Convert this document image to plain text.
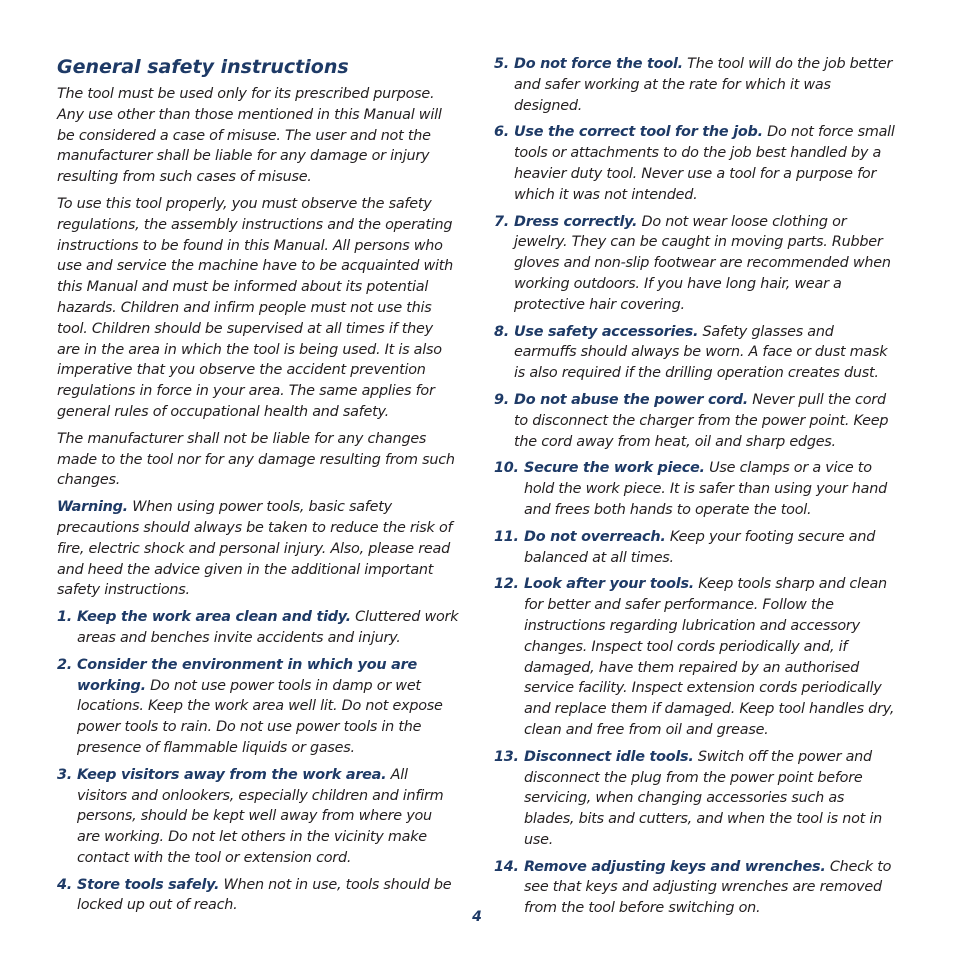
General safety instructions

The tool must be used only for its prescribed purpose. Any use other than those mentioned in this Manual will be considered a case of misuse. The user and not the manufacturer shall be liable for any damage or injury resulting from such cases of misuse.

To use this tool properly, you must observe the safety regulations, the assembly instructions and the operating instructions to be found in this Manual. All persons who use and service the machine have to be acquainted with this Manual and must be informed about its potential hazards. Children and infirm people must not use this tool. Children should be supervised at all times if they are in the area in which the tool is being used. It is also imperative that you observe the accident prevention regulations in force in your area. The same applies for general rules of occupational health and safety.

The manufacturer shall not be liable for any changes made to the tool nor for any damage resulting from such changes.

Warning. When using power tools, basic safety precautions should always be taken to reduce the risk of fire, electric shock and personal injury. Also, please read and heed the advice given in the additional important safety instructions.

1. Keep the work area clean and tidy. Cluttered work areas and benches invite accidents and injury.
2. Consider the environment in which you are working. Do not use power tools in damp or wet locations. Keep the work area well lit. Do not expose power tools to rain. Do not use power tools in the presence of flammable liquids or gases.
3. Keep visitors away from the work area. All visitors and onlookers, especially children and infirm persons, should be kept well away from where you are working. Do not let others in the vicinity make contact with the tool or extension cord.
4. Store tools safely. When not in use, tools should be locked up out of reach.
5. Do not force the tool. The tool will do the job better and safer working at the rate for which it was designed.
6. Use the correct tool for the job. Do not force small tools or attachments to do the job best handled by a heavier duty tool. Never use a tool for a purpose for which it was not intended.
7. Dress correctly. Do not wear loose clothing or jewelry. They can be caught in moving parts. Rubber gloves and non-slip footwear are recommended when working outdoors. If you have long hair, wear a protective hair covering.
8. Use safety accessories. Safety glasses and earmuffs should always be worn. A face or dust mask is also required if the drilling operation creates dust.
9. Do not abuse the power cord. Never pull the cord to disconnect the charger from the power point. Keep the cord away from heat, oil and sharp edges.
10. Secure the work piece. Use clamps or a vice to hold the work piece. It is safer than using your hand and frees both hands to operate the tool.
11. Do not overreach. Keep your footing secure and balanced at all times.
12. Look after your tools. Keep tools sharp and clean for better and safer performance. Follow the instructions regarding lubrication and accessory changes. Inspect tool cords periodically and, if damaged, have them repaired by an authorised service facility. Inspect extension cords periodically and replace them if damaged. Keep tool handles dry, clean and free from oil and grease.
13. Disconnect idle tools. Switch off the power and disconnect the plug from the power point before servicing, when changing accessories such as blades, bits and cutters, and when the tool is not in use.
14. Remove adjusting keys and wrenches. Check to see that keys and adjusting wrenches are removed from the tool before switching on.
4
